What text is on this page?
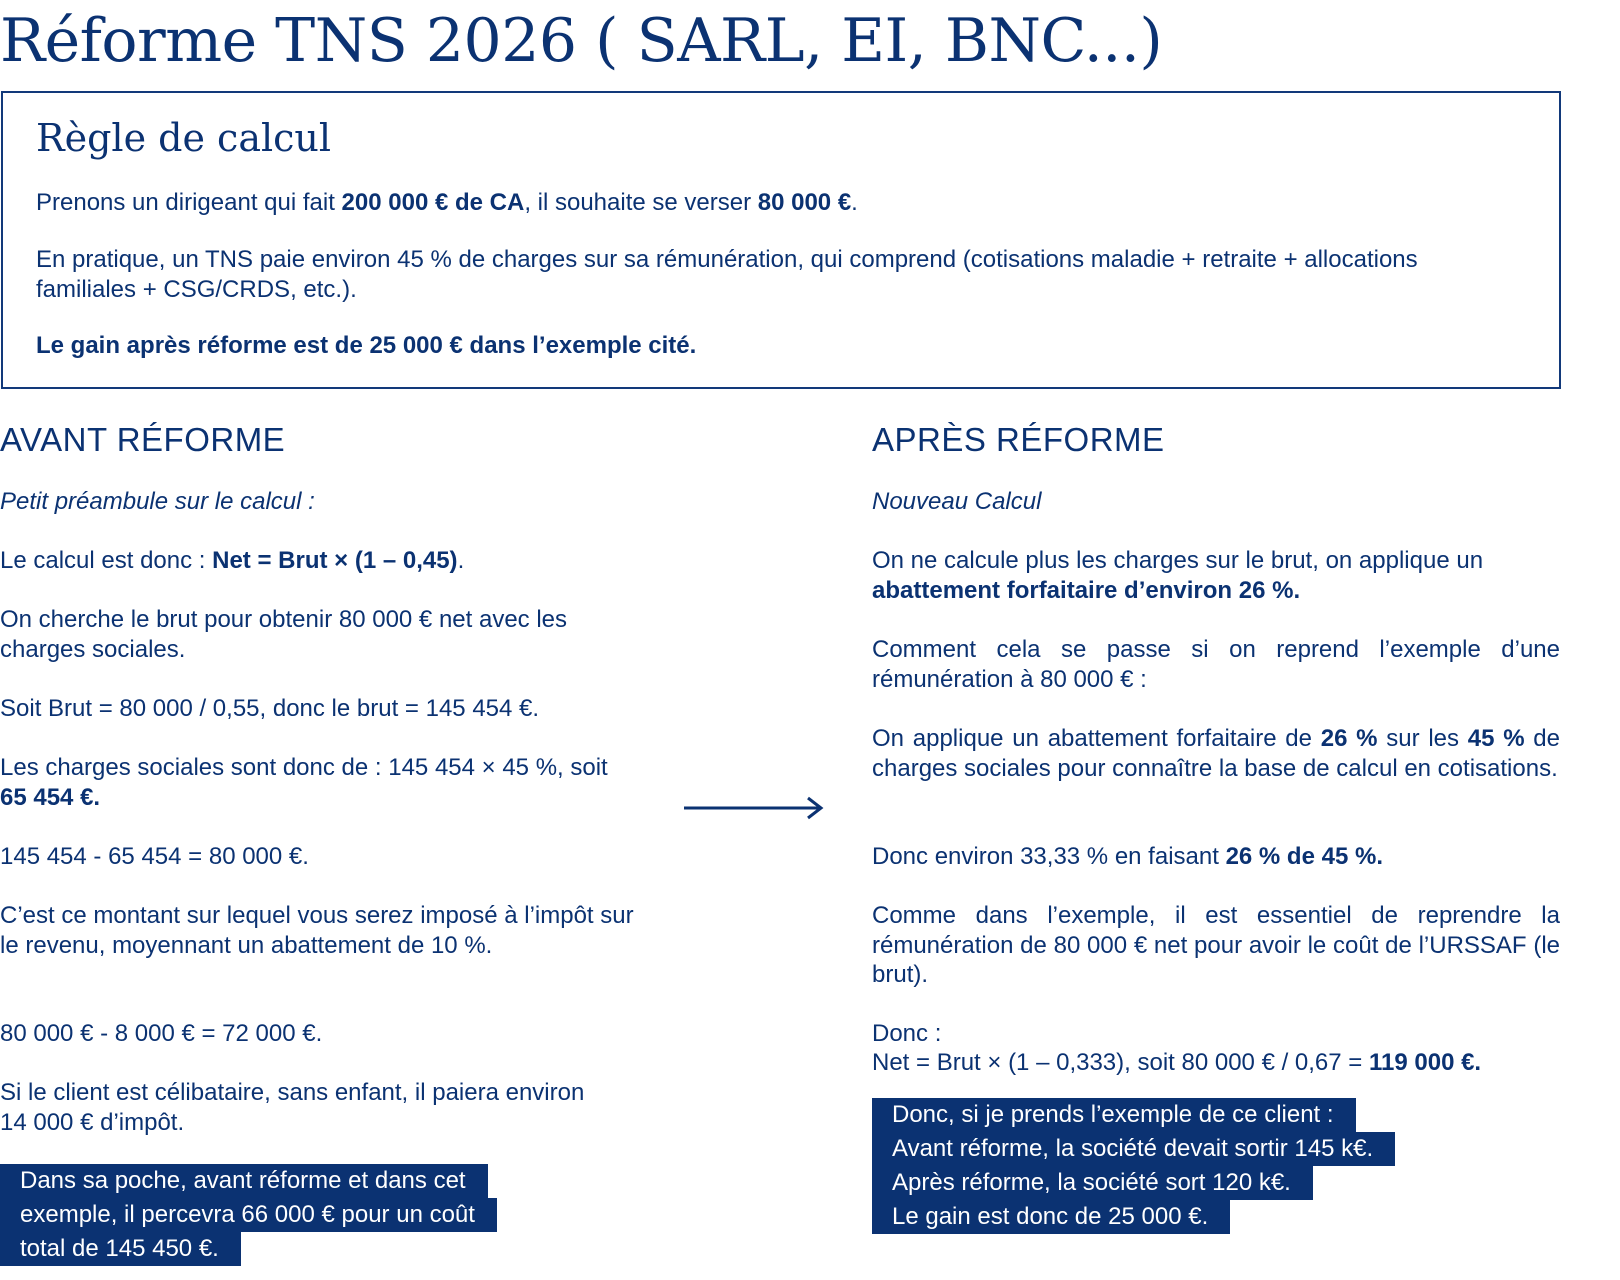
Réforme TNS 2026 ( SARL, EI, BNC...)
Règle de calcul
Prenons un dirigeant qui fait 200 000 € de CA, il souhaite se verser 80 000 €.
En pratique, un TNS paie environ 45 % de charges sur sa rémunération, qui comprend (cotisations maladie + retraite + allocations familiales + CSG/CRDS, etc.).
Le gain après réforme est de 25 000 € dans l’exemple cité.
AVANT RÉFORME

Petit préambule sur le calcul :

Le calcul est donc : Net = Brut × (1 – 0,45).

On cherche le brut pour obtenir 80 000 € net avec les charges sociales.

Soit Brut = 80 000 / 0,55, donc le brut = 145 454 €.

Les charges sociales sont donc de : 145 454 × 45 %, soit 65 454 €.

145 454 - 65 454 = 80 000 €.

C’est ce montant sur lequel vous serez imposé à l’impôt sur le revenu, moyennant un abattement de 10 %.

80 000 € - 8 000 € = 72 000 €.

Si le client est célibataire, sans enfant, il paiera environ 14 000 € d’impôt.

Dans sa poche, avant réforme et dans cet
exemple, il percevra 66 000 € pour un coût
total de 145 450 €.
APRÈS RÉFORME

Nouveau Calcul

On ne calcule plus les charges sur le brut, on applique un abattement forfaitaire d’environ 26 %.

Comment cela se passe si on reprend l’exemple d’une rémunération à 80 000 € :

On applique un abattement forfaitaire de 26 % sur les 45 % de charges sociales pour connaître la base de calcul en cotisations.

Donc environ 33,33 % en faisant 26 % de 45 %.

Comme dans l’exemple, il est essentiel de reprendre la rémunération de 80 000 € net pour avoir le coût de l’URSSAF (le brut).

Donc :

Net = Brut × (1 – 0,333), soit 80 000 € / 0,67 = 119 000 €.

Donc, si je prends l’exemple de ce client :
Avant réforme, la société devait sortir 145 k€.
Après réforme, la société sort 120 k€.
Le gain est donc de 25 000 €.
